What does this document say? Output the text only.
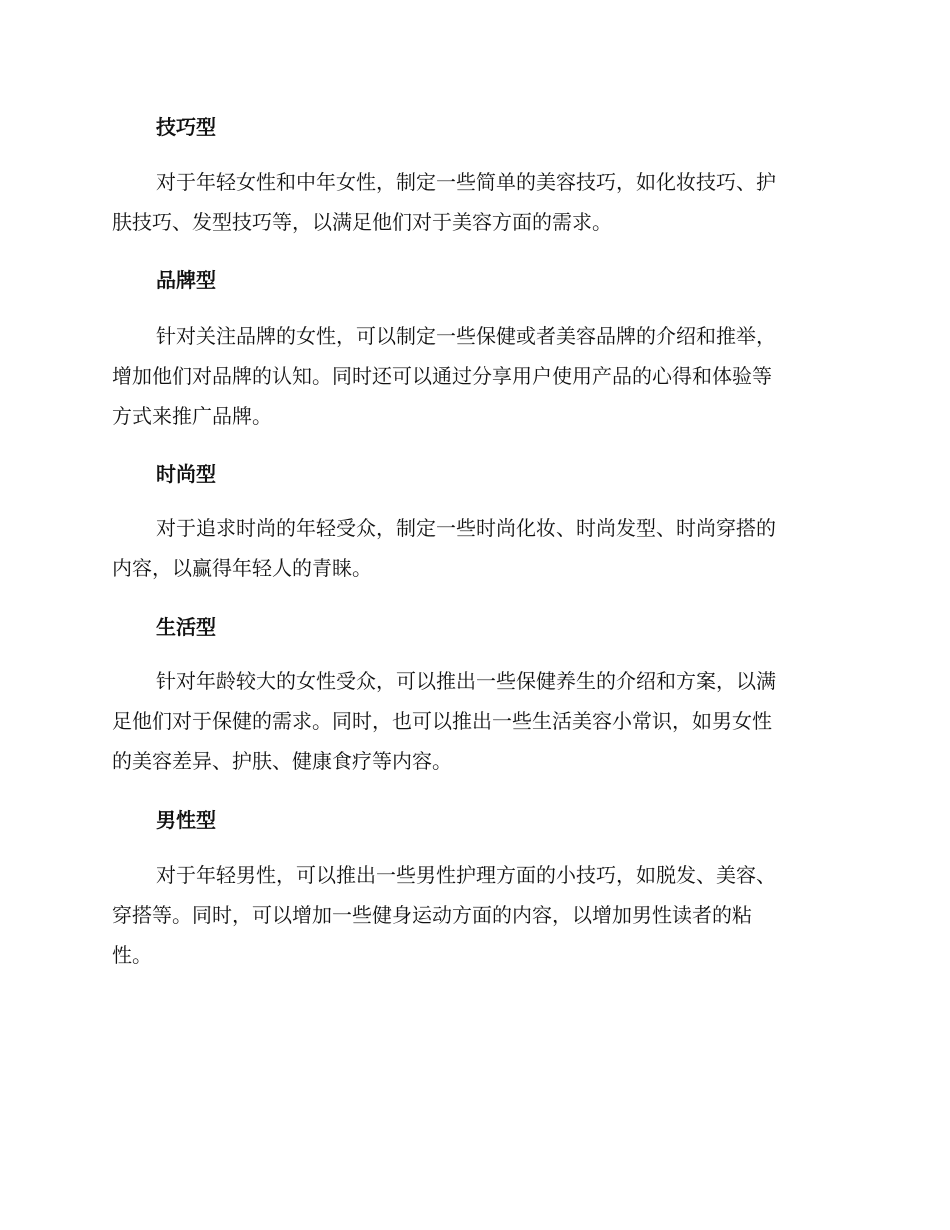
技巧型

对于年轻女性和中年女性，制定一些简单的美容技巧，如化妆技巧、护
肤技巧、发型技巧等，以满足他们对于美容方面的需求。

品牌型

针对关注品牌的女性，可以制定一些保健或者美容品牌的介绍和推举，
增加他们对品牌的认知。同时还可以通过分享用户使用产品的心得和体验等
方式来推广品牌。

时尚型

对于追求时尚的年轻受众，制定一些时尚化妆、时尚发型、时尚穿搭的
内容，以赢得年轻人的青睐。

生活型

针对年龄较大的女性受众，可以推出一些保健养生的介绍和方案，以满
足他们对于保健的需求。同时，也可以推出一些生活美容小常识，如男女性
的美容差异、护肤、健康食疗等内容。

男性型

对于年轻男性，可以推出一些男性护理方面的小技巧，如脱发、美容、
穿搭等。同时，可以增加一些健身运动方面的内容，以增加男性读者的粘
性。
